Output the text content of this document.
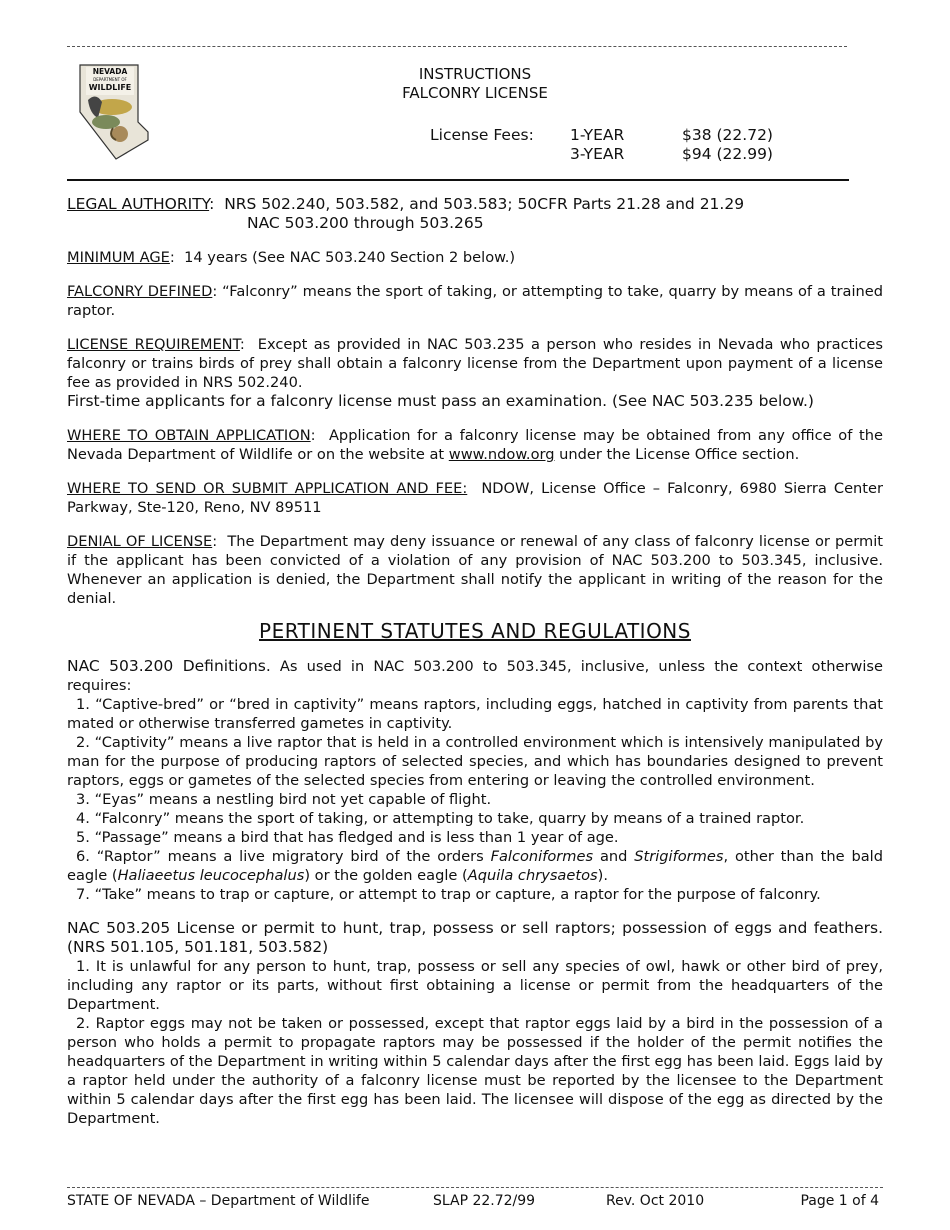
NEVADA
DEPARTMENT OF
WILDLIFE
INSTRUCTIONS
FALCONRY LICENSE
License Fees: 1-YEAR	$38 (22.72)
3-YEAR	$94 (22.99)

LEGAL AUTHORITY:  NRS 502.240, 503.582, and 503.583; 50CFR Parts 21.28 and 21.29

NAC 503.200 through 503.265

MINIMUM AGE:  14 years (See NAC 503.240 Section 2 below.)

FALCONRY DEFINED: “Falconry” means the sport of taking, or attempting to take, quarry by means of a trained raptor.

LICENSE REQUIREMENT:  Except as provided in NAC 503.235 a person who resides in Nevada who practices falconry or trains birds of prey shall obtain a falconry license from the Department upon payment of a license fee as provided in NRS 502.240.

First-time applicants for a falconry license must pass an examination. (See NAC 503.235 below.)

WHERE TO OBTAIN APPLICATION:  Application for a falconry license may be obtained from any office of the Nevada Department of Wildlife or on the website at www.ndow.org under the License Office section.

WHERE TO SEND OR SUBMIT APPLICATION AND FEE: NDOW, License Office – Falconry, 6980 Sierra Center Parkway, Ste-120, Reno, NV 89511

DENIAL OF LICENSE:  The Department may deny issuance or renewal of any class of falconry license or permit if the applicant has been convicted of a violation of any provision of NAC 503.200 to 503.345, inclusive. Whenever an application is denied, the Department shall notify the applicant in writing of the reason for the denial.

PERTINENT STATUTES AND REGULATIONS

NAC 503.200 Definitions. As used in NAC 503.200 to 503.345, inclusive, unless the context otherwise requires:

1. “Captive-bred” or “bred in captivity” means raptors, including eggs, hatched in captivity from parents that mated or otherwise transferred gametes in captivity.

2. “Captivity” means a live raptor that is held in a controlled environment which is intensively manipulated by man for the purpose of producing raptors of selected species, and which has boundaries designed to prevent raptors, eggs or gametes of the selected species from entering or leaving the controlled environment.

3. “Eyas” means a nestling bird not yet capable of flight.

4. “Falconry” means the sport of taking, or attempting to take, quarry by means of a trained raptor.

5. “Passage” means a bird that has fledged and is less than 1 year of age.

6. “Raptor” means a live migratory bird of the orders Falconiformes and Strigiformes, other than the bald eagle (Haliaeetus leucocephalus) or the golden eagle (Aquila chrysaetos).

7. “Take” means to trap or capture, or attempt to trap or capture, a raptor for the purpose of falconry.

NAC 503.205 License or permit to hunt, trap, possess or sell raptors; possession of eggs and feathers. (NRS 501.105, 501.181, 503.582)

1. It is unlawful for any person to hunt, trap, possess or sell any species of owl, hawk or other bird of prey, including any raptor or its parts, without first obtaining a license or permit from the headquarters of the Department.

2. Raptor eggs may not be taken or possessed, except that raptor eggs laid by a bird in the possession of a person who holds a permit to propagate raptors may be possessed if the holder of the permit notifies the headquarters of the Department in writing within 5 calendar days after the first egg has been laid. Eggs laid by a raptor held under the authority of a falconry license must be reported by the licensee to the Department within 5 calendar days after the first egg has been laid. The licensee will dispose of the egg as directed by the Department.

STATE OF NEVADA – Department of Wildlife	SLAP 22.72/99	Rev. Oct 2010	Page 1 of 4
